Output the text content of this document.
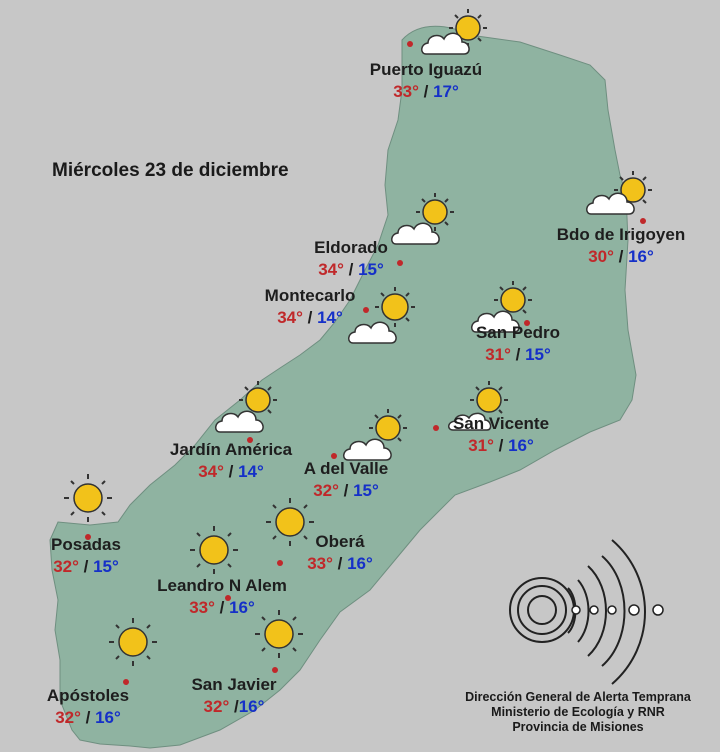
Miércoles 23 de diciembre
Puerto Iguazú
33° / 17°
Bdo de Irigoyen
30° / 16°
Eldorado
34° / 15°
Montecarlo
34° / 14°
San Pedro
31° / 15°
San Vicente
31° / 16°
Jardín América
34° / 14°	A del Valle
32° / 15°
Posadas
32° / 15°
Oberá
33° / 16°
Leandro N Alem
33° / 16°
Apóstoles
32° / 16°
San Javier
32° /16°	Dirección General de Alerta Temprana
Ministerio de Ecología y RNR
Provincia de Misiones
